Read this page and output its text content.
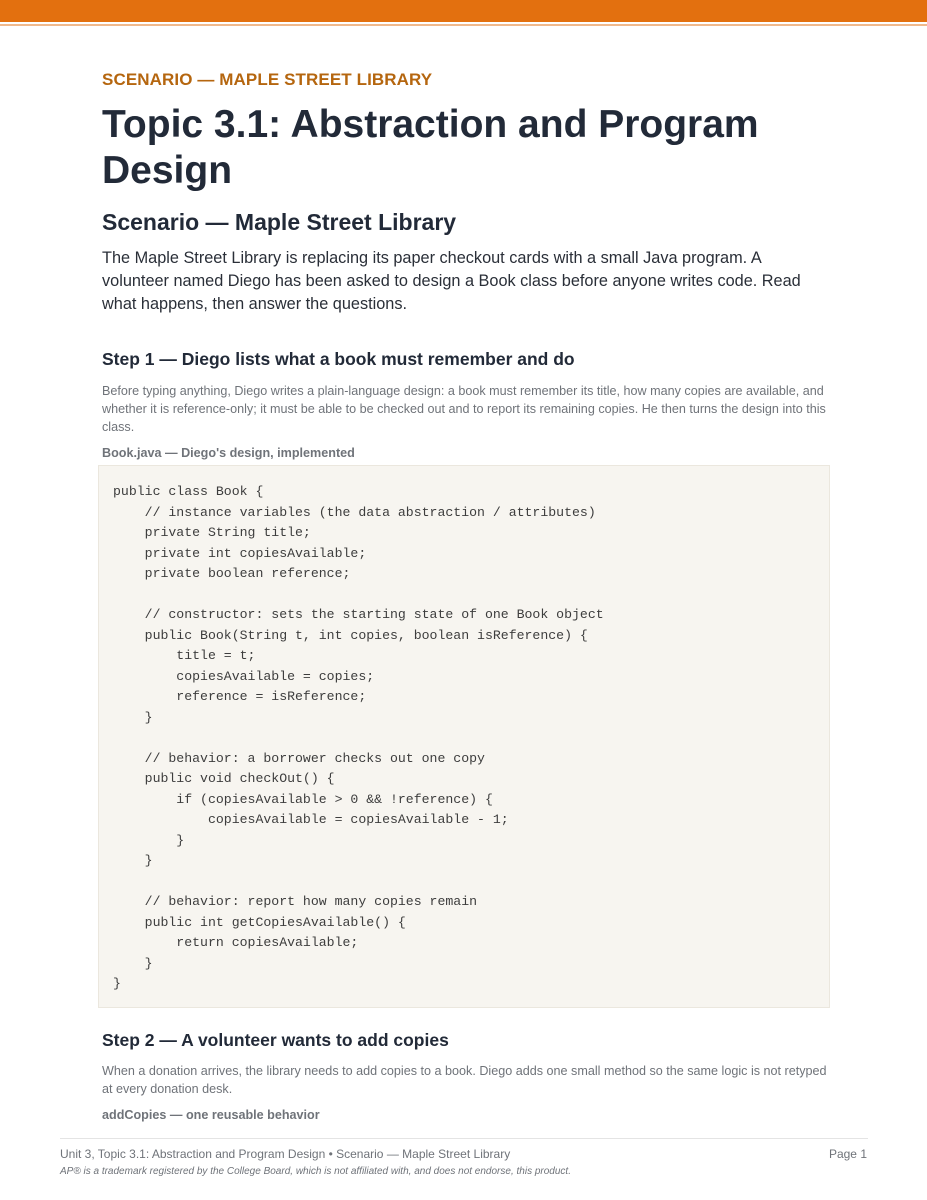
SCENARIO — MAPLE STREET LIBRARY
Topic 3.1: Abstraction and Program Design
Scenario — Maple Street Library

The Maple Street Library is replacing its paper checkout cards with a small Java program. A volunteer named Diego has been asked to design a Book class before anyone writes code. Read what happens, then answer the questions.

Step 1 — Diego lists what a book must remember and do

Before typing anything, Diego writes a plain-language design: a book must remember its title, how many copies are available, and whether it is reference-only; it must be able to be checked out and to report its remaining copies. He then turns the design into this class.

Book.java — Diego's design, implemented
public class Book {
// instance variables (the data abstraction / attributes)
private String title;
private int copiesAvailable;
private boolean reference;
// constructor: sets the starting state of one Book object
public Book(String t, int copies, boolean isReference) {
title = t;
copiesAvailable = copies;
reference = isReference;
}
// behavior: a borrower checks out one copy
public void checkOut() {
if (copiesAvailable > 0 && !reference) {
copiesAvailable = copiesAvailable - 1;
}
}
// behavior: report how many copies remain
public int getCopiesAvailable() {
return copiesAvailable;
}
}
Step 2 — A volunteer wants to add copies

When a donation arrives, the library needs to add copies to a book. Diego adds one small method so the same logic is not retyped at every donation desk.

addCopies — one reusable behavior
Unit 3, Topic 3.1: Abstraction and Program Design • Scenario — Maple Street Library	Page 1
AP® is a trademark registered by the College Board, which is not affiliated with, and does not endorse, this product.
